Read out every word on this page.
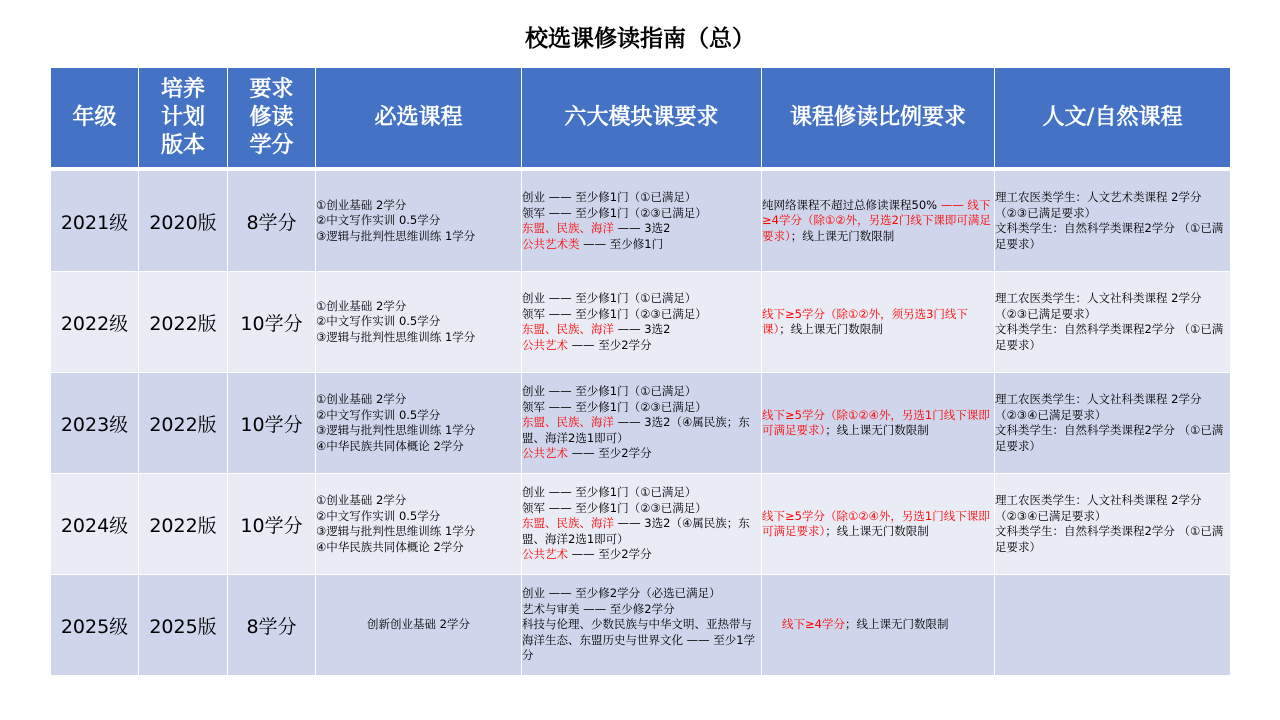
校选课修读指南（总）
年级	培养
计划
版本	要求
修读
学分	必选课程	六大模块课要求	课程修读比例要求	人文/自然课程
2021级	2020版	8学分	①创业基础 2学分
②中文写作实训 0.5学分
③逻辑与批判性思维训练 1学分	创业 —— 至少修1门（①已满足）
领军 —— 至少修1门（②③已满足）
东盟、民族、海洋 —— 3选2
公共艺术类 —— 至少修1门	纯网络课程不超过总修读课程50% —— 线下≥4学分（除①②外，另选2门线下课即可满足要求）；线上课无门数限制	理工农医类学生：人文艺术类课程 2学分 （②③已满足要求）
文科类学生：自然科学类课程2学分 （①已满足要求）

2022级	2022版	10学分	①创业基础 2学分
②中文写作实训 0.5学分
③逻辑与批判性思维训练 1学分	创业 —— 至少修1门（①已满足）
领军 —— 至少修1门（②③已满足）
东盟、民族、海洋 —— 3选2
公共艺术 —— 至少2学分	线下≥5学分（除①②外，须另选3门线下课）；线上课无门数限制	理工农医类学生：人文社科类课程 2学分 （②③已满足要求）
文科类学生：自然科学类课程2学分 （①已满足要求）

2023级	2022版	10学分	①创业基础 2学分
②中文写作实训 0.5学分
③逻辑与批判性思维训练 1学分
④中华民族共同体概论 2学分	创业 —— 至少修1门（①已满足）
领军 —— 至少修1门（②③已满足）
东盟、民族、海洋 —— 3选2（④属民族；东盟、海洋2选1即可）
公共艺术 —— 至少2学分	线下≥5学分（除①②④外，另选1门线下课即可满足要求）；线上课无门数限制	理工农医类学生：人文社科类课程 2学分 （②③④已满足要求）
文科类学生：自然科学类课程2学分 （①已满足要求）

2024级	2022版	10学分	①创业基础 2学分
②中文写作实训 0.5学分
③逻辑与批判性思维训练 1学分
④中华民族共同体概论 2学分	创业 —— 至少修1门（①已满足）
领军 —— 至少修1门（②③已满足）
东盟、民族、海洋 —— 3选2（④属民族；东盟、海洋2选1即可）
公共艺术 —— 至少2学分	线下≥5学分（除①②④外，另选1门线下课即可满足要求）；线上课无门数限制	理工农医类学生：人文社科类课程 2学分 （②③④已满足要求）
文科类学生：自然科学类课程2学分 （①已满足要求）

2025级	2025版	8学分	创新创业基础 2学分	创业 —— 至少修2学分（必选已满足）
艺术与审美 —— 至少修2学分
科技与伦理、少数民族与中华文明、亚热带与海洋生态、东盟历史与世界文化 —— 至少1学分	线下≥4学分；线上课无门数限制	
